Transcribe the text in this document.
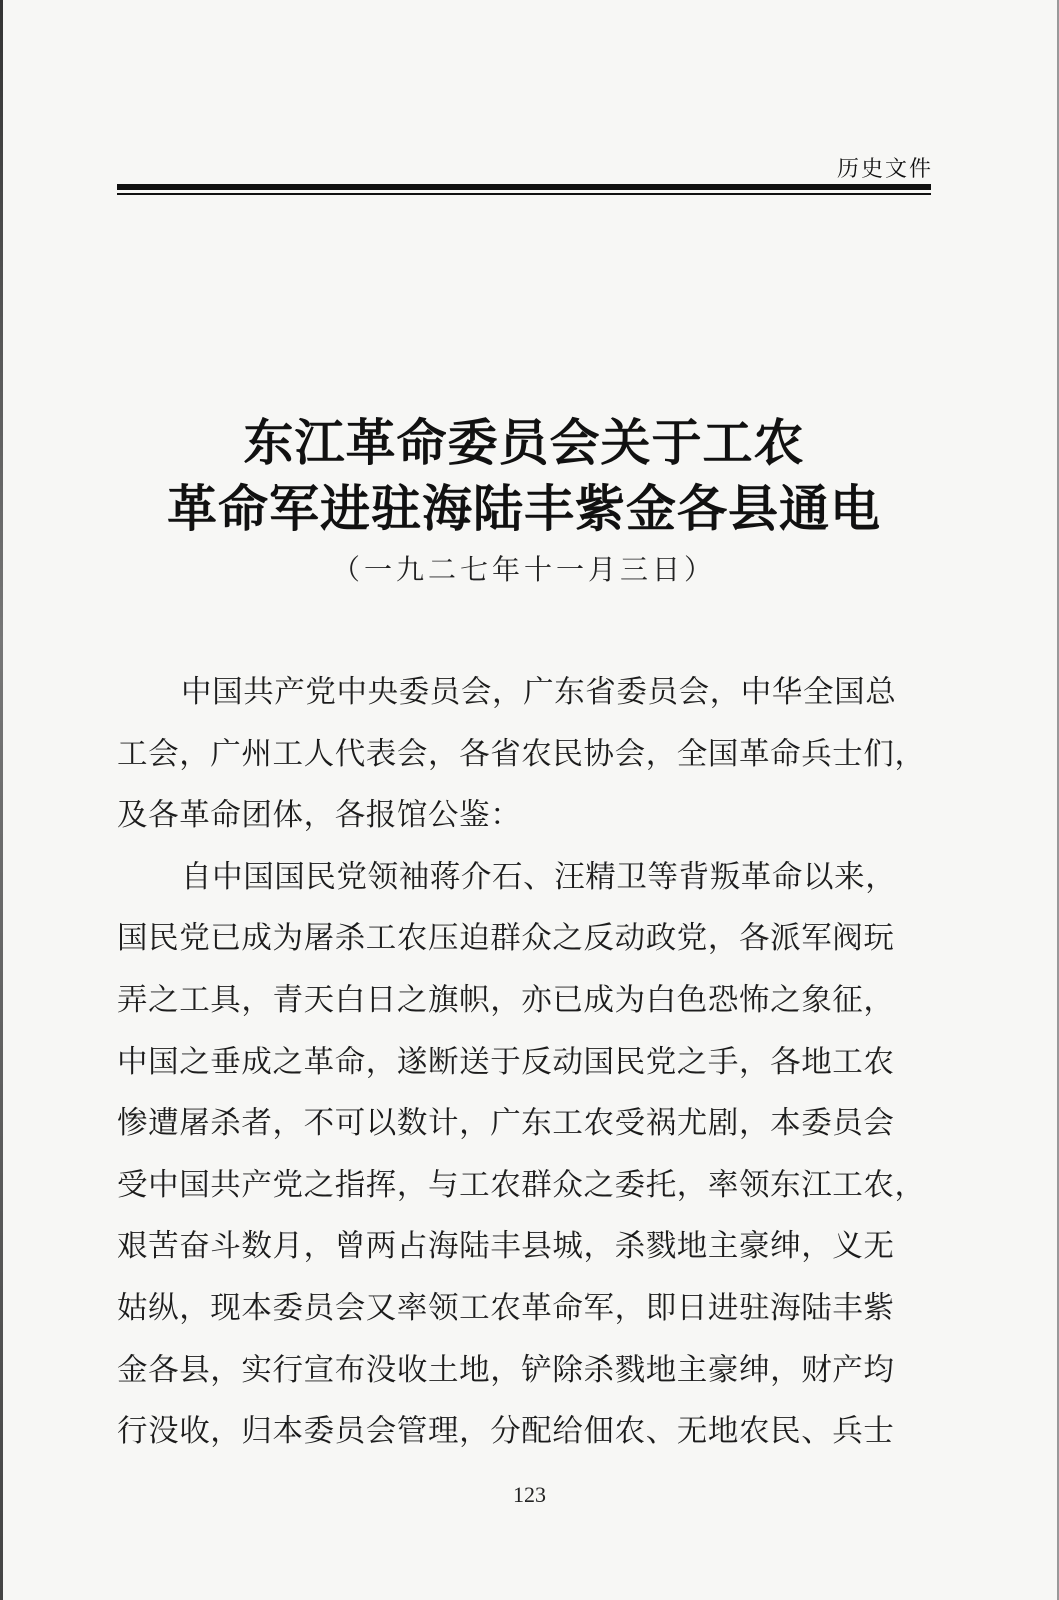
历史文件
东江革命委员会关于工农
革命军进驻海陆丰紫金各县通电
（一九二七年十一月三日）
中国共产党中央委员会，广东省委员会，中华全国总
工会，广州工人代表会，各省农民协会，全国革命兵士们，
及各革命团体，各报馆公鉴：
自中国国民党领袖蒋介石、汪精卫等背叛革命以来，
国民党已成为屠杀工农压迫群众之反动政党，各派军阀玩
弄之工具，青天白日之旗帜，亦已成为白色恐怖之象征，
中国之垂成之革命，遂断送于反动国民党之手，各地工农
惨遭屠杀者，不可以数计，广东工农受祸尤剧，本委员会
受中国共产党之指挥，与工农群众之委托，率领东江工农，
艰苦奋斗数月，曾两占海陆丰县城，杀戮地主豪绅，义无
姑纵，现本委员会又率领工农革命军，即日进驻海陆丰紫
金各县，实行宣布没收土地，铲除杀戮地主豪绅，财产均
行没收，归本委员会管理，分配给佃农、无地农民、兵士
123
